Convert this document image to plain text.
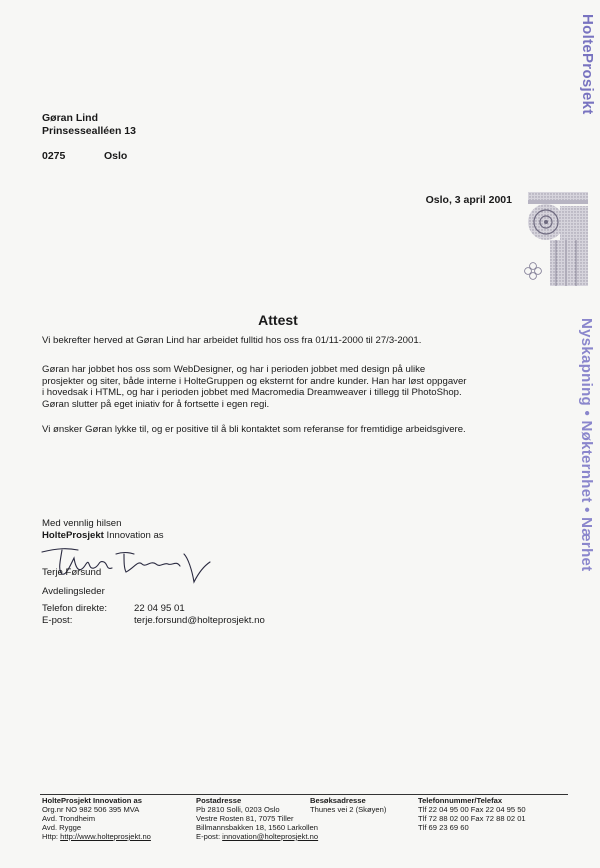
HolteProsjekt
Nyskapning • Nøkternhet • Nærhet
Gøran Lind
Prinsessealléen 13
0275	Oslo
Oslo, 3 april 2001
Attest
Vi bekrefter herved at Gøran Lind har arbeidet fulltid hos oss fra 01/11-2000 til 27/3-2001.
Gøran har jobbet hos oss som WebDesigner, og har i perioden jobbet med design på ulike
prosjekter og siter, både interne i HolteGruppen og eksternt for andre kunder. Han har løst oppgaver
i hovedsak i HTML, og har i perioden jobbet med Macromedia Dreamweaver i tillegg til PhotoShop.
Gøran slutter på eget iniativ for å fortsette i egen regi.
Vi ønsker Gøran lykke til, og er positive til å bli kontaktet som referanse for fremtidige arbeidsgivere.
Med vennlig hilsen
HolteProsjekt Innovation as
Terje Førsund
Avdelingsleder
Telefon direkte:	22 04 95 01
E-post:	terje.forsund@holteprosjekt.no
HolteProsjekt Innovation as
Org.nr NO 982 506 395 MVA
Avd. Trondheim
Avd. Rygge
Http: http://www.holteprosjekt.no
Postadresse
Pb 2810 Solli, 0203 Oslo
Vestre Rosten 81, 7075 Tiller
Billmannsbakken 18, 1560 Larkollen
E-post: innovation@holteprosjekt.no
Besøksadresse
Thunes vei 2 (Skøyen)
Telefonnummer/Telefax
Tlf 22 04 95 00 Fax 22 04 95 50
Tlf 72 88 02 00 Fax 72 88 02 01
Tlf 69 23 69 60
